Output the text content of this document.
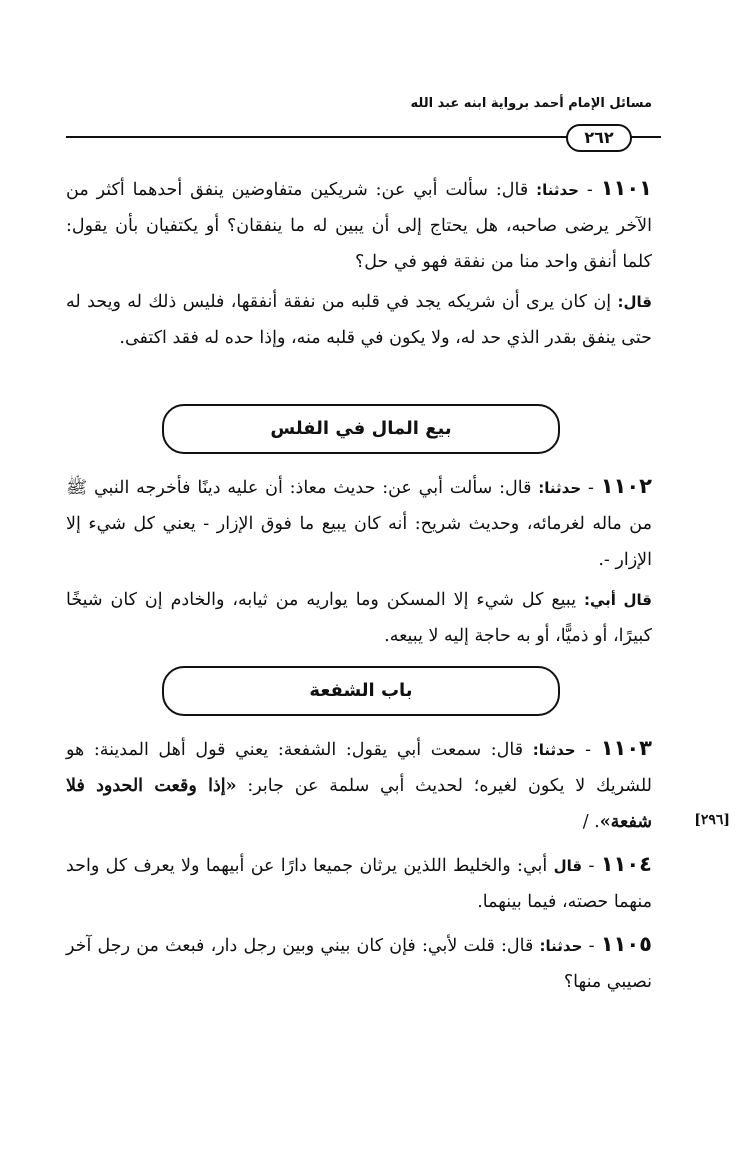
مسائل الإمام أحمد برواية ابنه عبد الله
٢٦٢
١١٠١ - حدثنا: قال: سألت أبي عن: شريكين متفاوضين ينفق أحدهما أكثر من الآخر يرضى صاحبه، هل يحتاج إلى أن يبين له ما ينفقان؟ أو يكتفيان بأن يقول: كلما أنفق واحد منا من نفقة فهو في حل؟
قال: إن كان يرى أن شريكه يجد في قلبه من نفقة أنفقها، فليس ذلك له ويحد له حتى ينفق بقدر الذي حد له، ولا يكون في قلبه منه، وإذا حده له فقد اكتفى.
بيع المال في الفلس
١١٠٢ - حدثنا: قال: سألت أبي عن: حديث معاذ: أن عليه دينًا فأخرجه النبي ﷺ من ماله لغرمائه، وحديث شريح: أنه كان يبيع ما فوق الإزار - يعني كل شيء إلا الإزار -.
قال أبي: يبيع كل شيء إلا المسكن وما يواريه من ثيابه، والخادم إن كان شيخًا كبيرًا، أو ذميًّا، أو به حاجة إليه لا يبيعه.
باب الشفعة
١١٠٣ - حدثنا: قال: سمعت أبي يقول: الشفعة: يعني قول أهل المدينة: هو للشريك لا يكون لغيره؛ لحديث أبي سلمة عن جابر: «إذا وقعت الحدود فلا شفعة». /	[٢٩٦]
١١٠٤ - قال أبي: والخليط اللذين يرثان جميعا دارًا عن أبيهما ولا يعرف كل واحد منهما حصته، فيما بينهما.
١١٠٥ - حدثنا: قال: قلت لأبي: فإن كان بيني وبين رجل دار، فبعث من رجل آخر نصيبي منها؟
